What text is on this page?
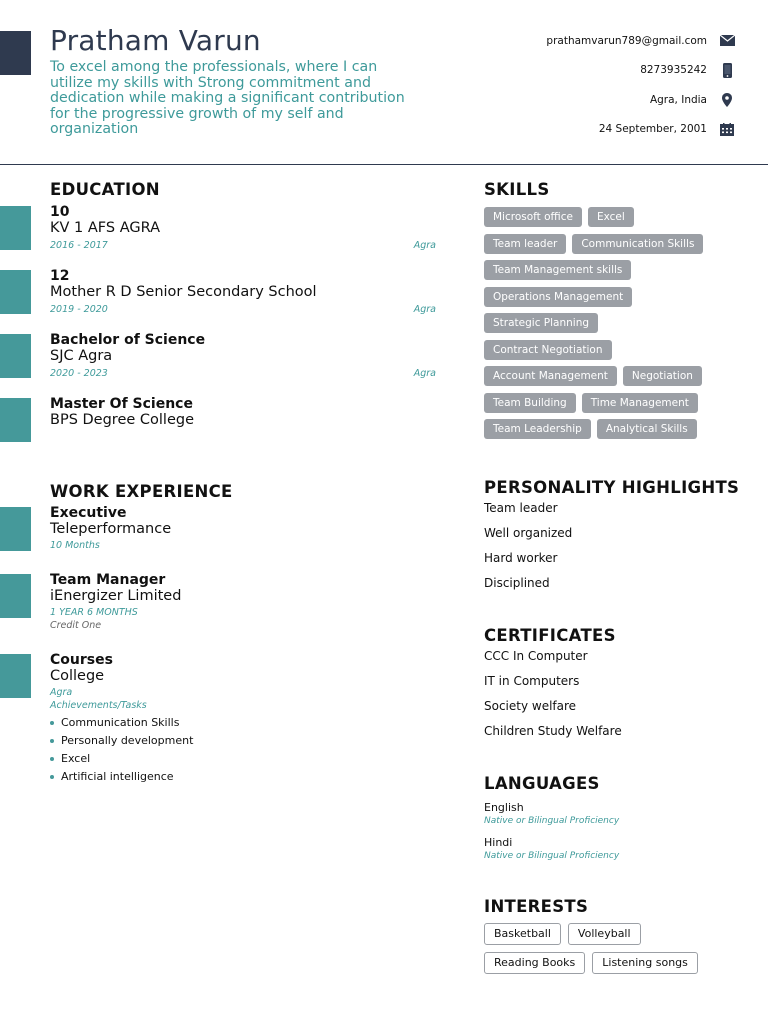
Pratham Varun
To excel among the professionals, where I can utilize my skills with Strong commitment and dedication while making a significant contribution for the progressive growth of my self and organization
prathamvarun789@gmail.com
8273935242
Agra, India
24 September, 2001
EDUCATION
10
KV 1 AFS AGRA
2016 - 2017	Agra
12
Mother R D Senior Secondary School
2019 - 2020	Agra
Bachelor of Science
SJC Agra
2020 - 2023	Agra
Master Of Science
BPS Degree College
WORK EXPERIENCE
Executive
Teleperformance
10 Months
Team Manager
iEnergizer Limited
1 YEAR 6 MONTHS
Credit One
Courses
College
Agra
Achievements/Tasks
Communication Skills
Personally development
Excel
Artificial intelligence
SKILLS
Microsoft office	Excel
Team leader	Communication Skills
Team Management skills
Operations Management
Strategic Planning
Contract Negotiation
Account Management	Negotiation
Team Building	Time Management
Team Leadership	Analytical Skills
PERSONALITY HIGHLIGHTS
Team leader
Well organized
Hard worker
Disciplined
CERTIFICATES
CCC In Computer
IT in Computers
Society welfare
Children Study Welfare
LANGUAGES
English
Native or Bilingual Proficiency
Hindi
Native or Bilingual Proficiency
INTERESTS
Basketball	Volleyball
Reading Books	Listening songs
